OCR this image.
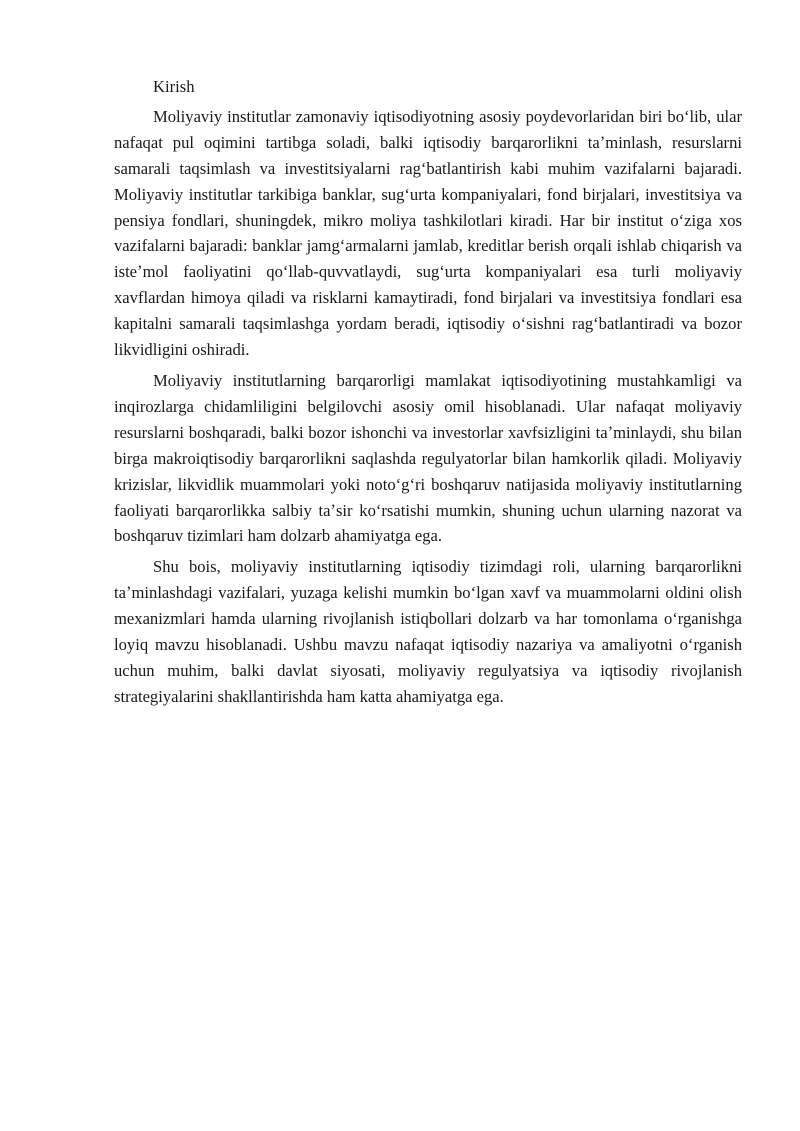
Kirish

Moliyaviy institutlar zamonaviy iqtisodiyotning asosiy poydevorlaridan biri boʻlib, ular nafaqat pul oqimini tartibga soladi, balki iqtisodiy barqarorlikni taʼminlash, resurslarni samarali taqsimlash va investitsiyalarni ragʻbatlantirish kabi muhim vazifalarni bajaradi. Moliyaviy institutlar tarkibiga banklar, sugʻurta kompaniyalari, fond birjalari, investitsiya va pensiya fondlari, shuningdek, mikro moliya tashkilotlari kiradi. Har bir institut oʻziga xos vazifalarni bajaradi: banklar jamgʻarmalarni jamlab, kreditlar berish orqali ishlab chiqarish va isteʼmol faoliyatini qoʻllab-quvvatlaydi, sugʻurta kompaniyalari esa turli moliyaviy xavflardan himoya qiladi va risklarni kamaytiradi, fond birjalari va investitsiya fondlari esa kapitalni samarali taqsimlashga yordam beradi, iqtisodiy oʻsishni ragʻbatlantiradi va bozor likvidligini oshiradi.

Moliyaviy institutlarning barqarorligi mamlakat iqtisodiyotining mustahkamligi va inqirozlarga chidamliligini belgilovchi asosiy omil hisoblanadi. Ular nafaqat moliyaviy resurslarni boshqaradi, balki bozor ishonchi va investorlar xavfsizligini taʼminlaydi, shu bilan birga makroiqtisodiy barqarorlikni saqlashda regulyatorlar bilan hamkorlik qiladi. Moliyaviy krizislar, likvidlik muammolari yoki notoʻgʻri boshqaruv natijasida moliyaviy institutlarning faoliyati barqarorlikka salbiy taʼsir koʻrsatishi mumkin, shuning uchun ularning nazorat va boshqaruv tizimlari ham dolzarb ahamiyatga ega.

Shu bois, moliyaviy institutlarning iqtisodiy tizimdagi roli, ularning barqarorlikni taʼminlashdagi vazifalari, yuzaga kelishi mumkin boʻlgan xavf va muammolarni oldini olish mexanizmlari hamda ularning rivojlanish istiqbollari dolzarb va har tomonlama oʻrganishga loyiq mavzu hisoblanadi. Ushbu mavzu nafaqat iqtisodiy nazariya va amaliyotni oʻrganish uchun muhim, balki davlat siyosati, moliyaviy regulyatsiya va iqtisodiy rivojlanish strategiyalarini shakllantirishda ham katta ahamiyatga ega.
